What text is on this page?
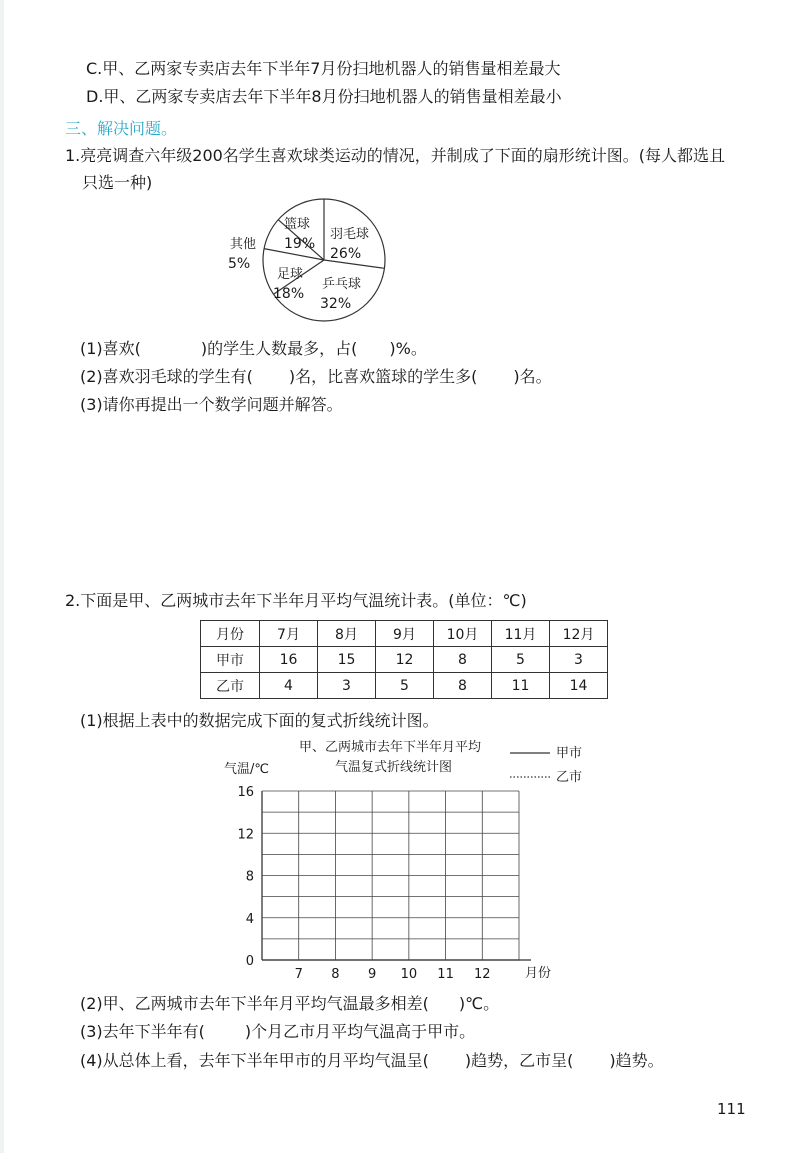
C.甲、乙两家专卖店去年下半年7月份扫地机器人的销售量相差最大
D.甲、乙两家专卖店去年下半年8月份扫地机器人的销售量相差最小
三、解决问题。
1.亮亮调查六年级200名学生喜欢球类运动的情况，并制成了下面的扇形统计图。(每人都选且
只选一种)
篮球
19%
羽毛球
26%
乒乓球
32%
足球
18%
其他
5%
(1)喜欢(	)的学生人数最多，占( )%。
(2)喜欢羽毛球的学生有( )名，比喜欢篮球的学生多( )名。
(3)请你再提出一个数学问题并解答。
2.下面是甲、乙两城市去年下半年月平均气温统计表。(单位：℃)
月份	7月	8月	9月	10月	11月	12月
甲市	16	15	12	8	5	3
乙市	4	3	5	8	11	14
(1)根据上表中的数据完成下面的复式折线统计图。
甲、乙两城市去年下半年月平均
气温复式折线统计图
气温/℃
甲市
乙市
16
12
8
4
0
7 8 9 10 11 12	月份
(2)甲、乙两城市去年下半年月平均气温最多相差( )℃。
(3)去年下半年有(	)个月乙市月平均气温高于甲市。
(4)从总体上看，去年下半年甲市的月平均气温呈( )趋势，乙市呈( )趋势。
111
